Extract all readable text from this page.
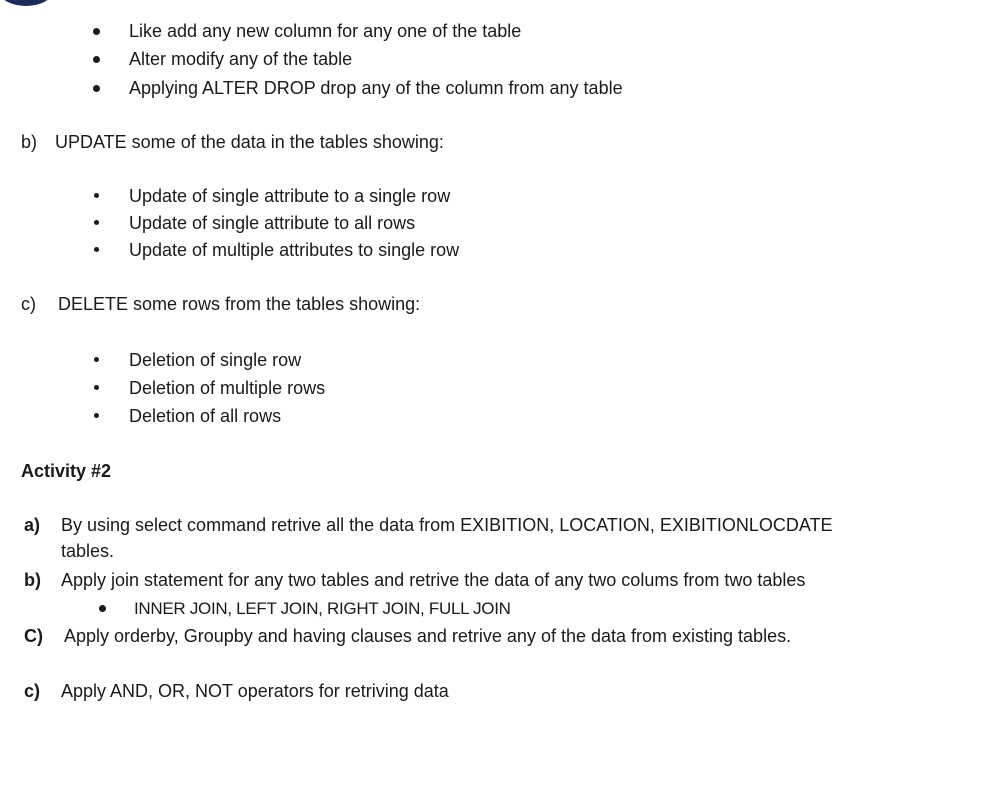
Like add any new column for any one of the table
Alter modify any of the table
Applying ALTER DROP drop any of the column from any table
b) UPDATE some of the data in the tables showing:
Update of single attribute to a single row
Update of single attribute to all rows
Update of multiple attributes to single row
c) DELETE some rows from the tables showing:
Deletion of single row
Deletion of multiple rows
Deletion of all rows
Activity #2
a) By using select command retrive all the data from EXIBITION, LOCATION, EXIBITIONLOCDATE
tables.
b) Apply join statement for any two tables and retrive the data of any two colums from two tables
INNER JOIN, LEFT JOIN, RIGHT JOIN, FULL JOIN
C) Apply orderby, Groupby and having clauses and retrive any of the data from existing tables.
c) Apply AND, OR, NOT operators for retriving data
